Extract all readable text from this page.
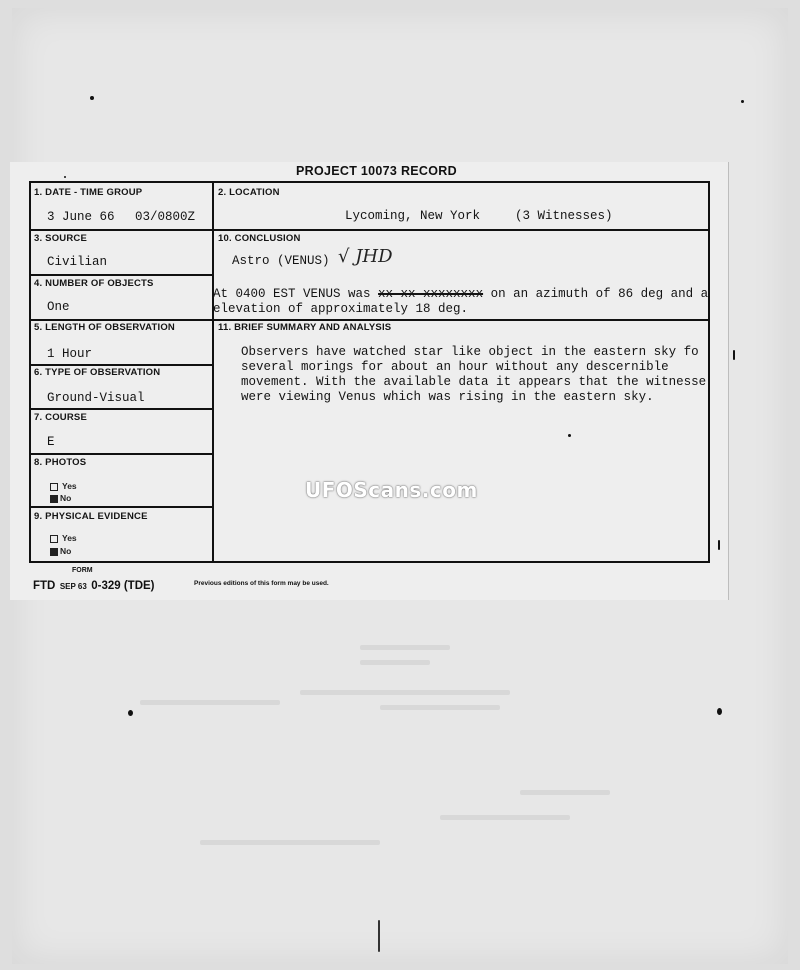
PROJECT 10073 RECORD
1. DATE - TIME GROUP
3 June 66 03/0800Z
3. SOURCE
Civilian
4. NUMBER OF OBJECTS
One
5. LENGTH OF OBSERVATION
1 Hour
6. TYPE OF OBSERVATION
Ground-Visual
7. COURSE
E
8. PHOTOS
Yes
No
9. PHYSICAL EVIDENCE
Yes
No
2. LOCATION
Lycoming, New York	(3 Witnesses)
10. CONCLUSION
Astro (VENUS) √ JHD
At 0400 EST VENUS was xx xx xxxxxxxx on an azimuth of 86 deg and a
elevation of approximately 18 deg.
11. BRIEF SUMMARY AND ANALYSIS
Observers have watched star like object in the eastern sky fo
several morings for about an hour without any descernible
movement. With the available data it appears that the witnesse
were viewing Venus which was rising in the eastern sky.
FORM
FTD SEP 63 0-329 (TDE)	Previous editions of this form may be used.
UFOScans.com
